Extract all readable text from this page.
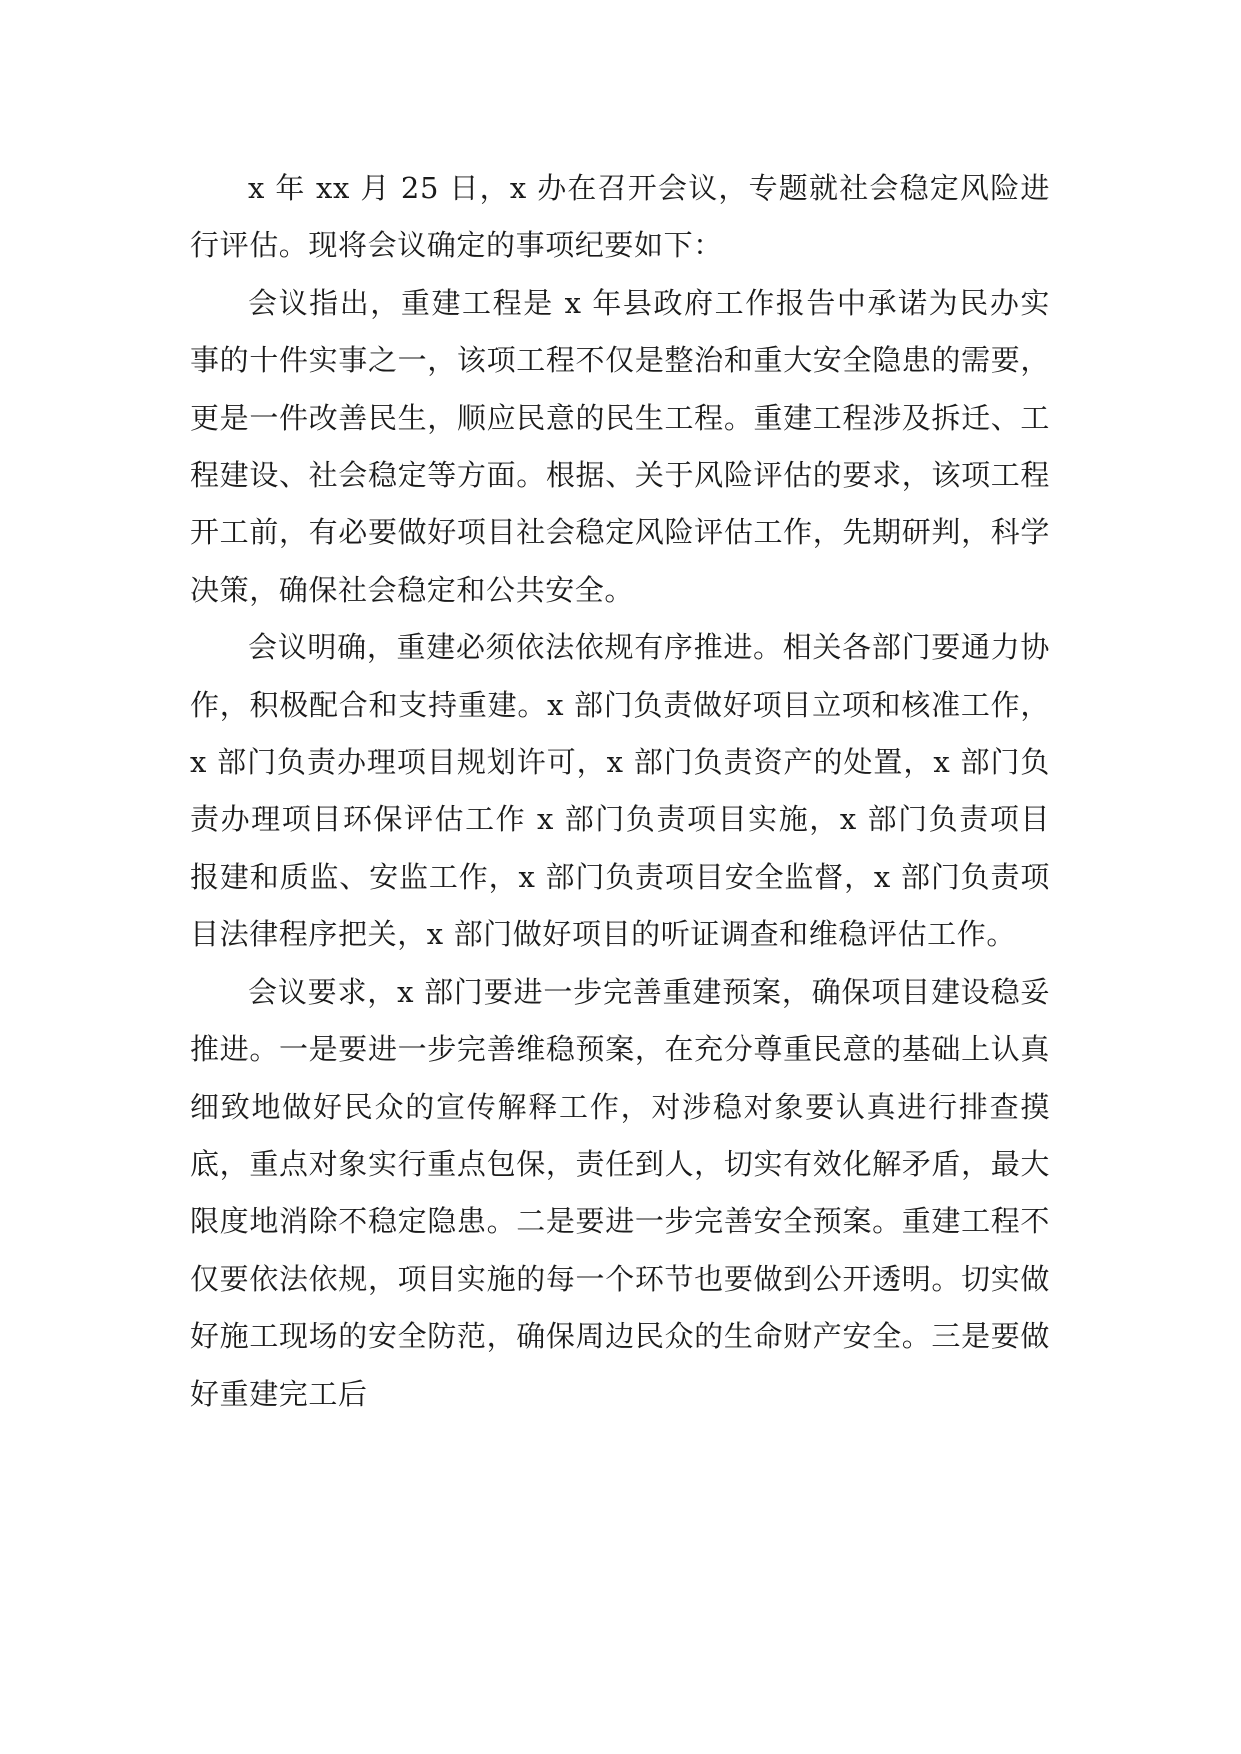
x 年 xx 月 25 日，x 办在召开会议，专题就社会稳定风险进行评估。现将会议确定的事项纪要如下：

会议指出，重建工程是 x 年县政府工作报告中承诺为民办实事的十件实事之一，该项工程不仅是整治和重大安全隐患的需要，更是一件改善民生，顺应民意的民生工程。重建工程涉及拆迁、工程建设、社会稳定等方面。根据、关于风险评估的要求，该项工程开工前，有必要做好项目社会稳定风险评估工作，先期研判，科学决策，确保社会稳定和公共安全。

会议明确，重建必须依法依规有序推进。相关各部门要通力协作，积极配合和支持重建。x 部门负责做好项目立项和核准工作，x 部门负责办理项目规划许可，x 部门负责资产的处置，x 部门负责办理项目环保评估工作 x 部门负责项目实施，x 部门负责项目报建和质监、安监工作，x 部门负责项目安全监督，x 部门负责项目法律程序把关，x 部门做好项目的听证调查和维稳评估工作。

会议要求，x 部门要进一步完善重建预案，确保项目建设稳妥推进。一是要进一步完善维稳预案，在充分尊重民意的基础上认真细致地做好民众的宣传解释工作，对涉稳对象要认真进行排查摸底，重点对象实行重点包保，责任到人，切实有效化解矛盾，最大限度地消除不稳定隐患。二是要进一步完善安全预案。重建工程不仅要依法依规，项目实施的每一个环节也要做到公开透明。切实做好施工现场的安全防范，确保周边民众的生命财产安全。三是要做好重建完工后
